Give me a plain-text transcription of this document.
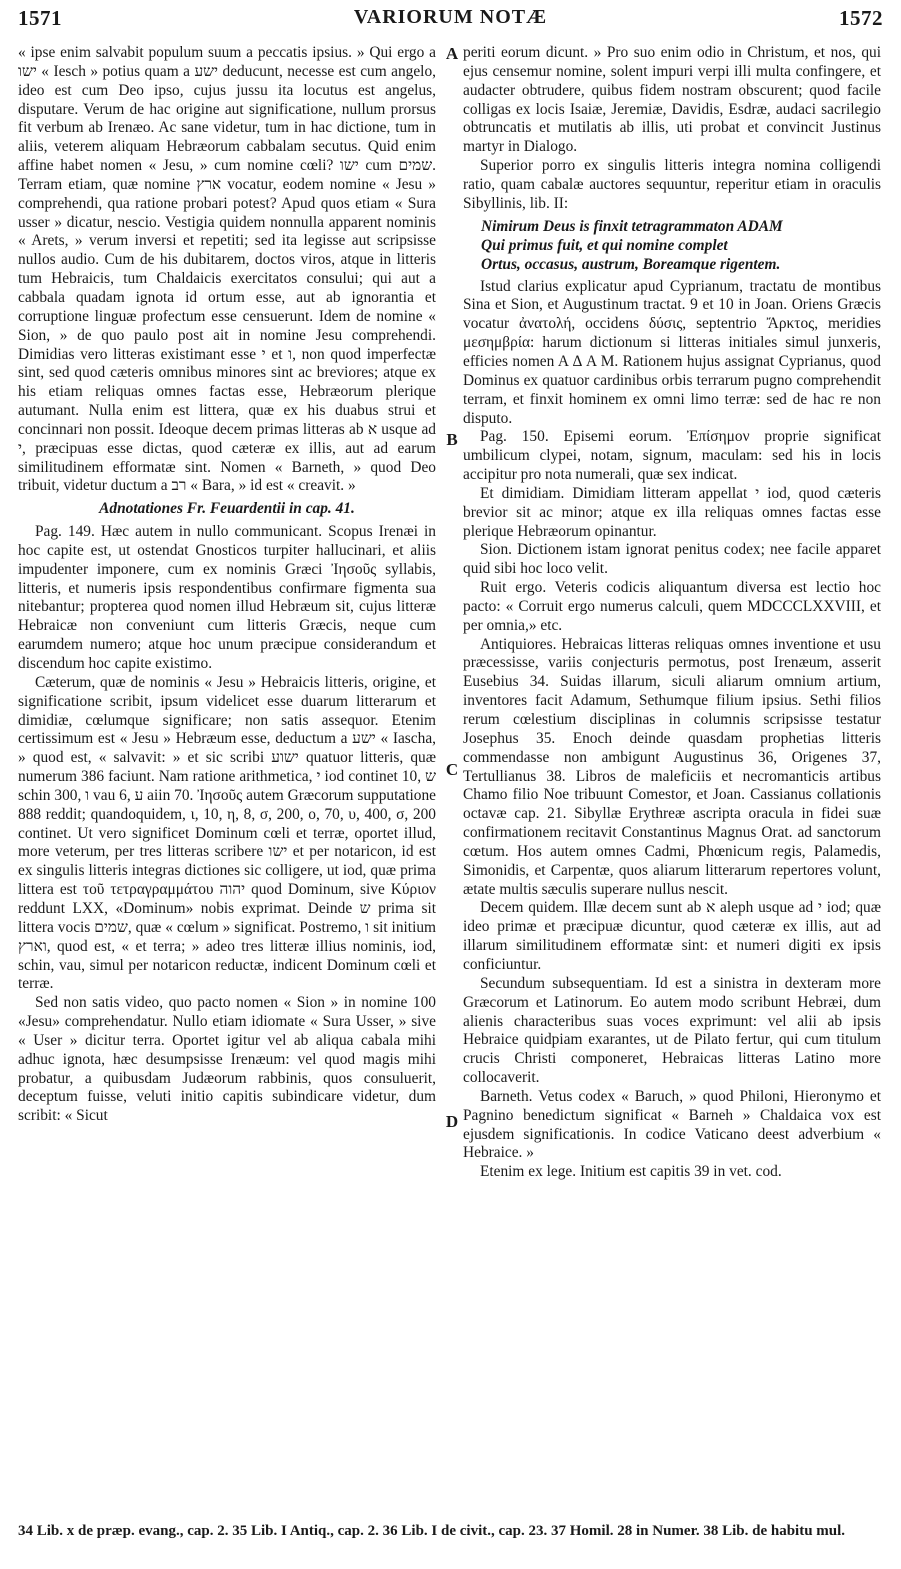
1571	VARIORUM NOTÆ	1572

« ipse enim salvabit populum suum a peccatis ipsius. » Qui ergo a ישו « Iesch » potius quam a ישע deducunt, necesse est cum angelo, ideo est cum Deo ipso, cujus jussu ita locutus est angelus, disputare. Verum de hac origine aut significatione, nullum prorsus fit verbum ab Irenæo. Ac sane videtur, tum in hac dictione, tum in aliis, veterem aliquam Hebræorum cabbalam secutus. Quid enim affine habet nomen « Jesu, » cum nomine cœli? ישו cum שמים. Terram etiam, quæ nomine ארץ vocatur, eodem nomine « Jesu » comprehendi, qua ratione probari potest? Apud quos etiam « Sura usser » dicatur, nescio. Vestigia quidem nonnulla apparent nominis « Arets, » verum inversi et repetiti; sed ita legisse aut scripsisse nullos audio. Cum de his dubitarem, doctos viros, atque in litteris tum Hebraicis, tum Chaldaicis exercitatos consului; qui aut a cabbala quadam ignota id ortum esse, aut ab ignorantia et corruptione linguæ profectum esse censuerunt. Idem de nomine « Sion, » de quo paulo post ait in nomine Jesu comprehendi. Dimidias vero litteras existimant esse י et ו, non quod imperfectæ sint, sed quod cæteris omnibus minores sint ac breviores; atque ex his etiam reliquas omnes factas esse, Hebræorum plerique autumant. Nulla enim est littera, quæ ex his duabus strui et concinnari non possit. Ideoque decem primas litteras ab א usque ad י, præcipuas esse dictas, quod cæteræ ex illis, aut ad earum similitudinem efformatæ sint. Nomen « Barneth, » quod Deo tribuit, videtur ductum a רב « Bara, » id est « creavit. »

Adnotationes Fr. Feuardentii in cap. 41.

Pag. 149. Hæc autem in nullo communicant. Scopus Irenæi in hoc capite est, ut ostendat Gnosticos turpiter hallucinari, et aliis impudenter imponere, cum ex nominis Græci Ἰησοῦς syllabis, litteris, et numeris ipsis respondentibus confirmare figmenta sua nitebantur; propterea quod nomen illud Hebræum sit, cujus litteræ Hebraicæ non conveniunt cum litteris Græcis, neque cum earumdem numero; atque hoc unum præcipue considerandum et discendum hoc capite existimo.

Cæterum, quæ de nominis « Jesu » Hebraicis litteris, origine, et significatione scribit, ipsum videlicet esse duarum litterarum et dimidiæ, cœlumque significare; non satis assequor. Etenim certissimum est « Jesu » Hebræum esse, deductum a ישע « Iascha, » quod est, « salvavit: » et sic scribi ישוע quatuor litteris, quæ numerum 386 faciunt. Nam ratione arithmetica, י iod continet 10, ש schin 300, ו vau 6, ע aiin 70. Ἰησοῦς autem Græcorum supputatione 888 reddit; quandoquidem, ι, 10, η, 8, σ, 200, ο, 70, υ, 400, σ, 200 continet. Ut vero significet Dominum cœli et terræ, oportet illud, more veterum, per tres litteras scribere ישו et per notaricon, id est ex singulis litteris integras dictiones sic colligere, ut iod, quæ prima littera est τοῦ τετραγραμμάτου יהוה quod Dominum, sive Κύριον reddunt LXX, «Dominum» nobis exprimat. Deinde ש prima sit littera vocis שמים, quæ « cœlum » significat. Postremo, ו sit initium וארץ, quod est, « et terra; » adeo tres litteræ illius nominis, iod, schin, vau, simul per notaricon reductæ, indicent Dominum cœli et terræ.

Sed non satis video, quo pacto nomen « Sion » in nomine 100 «Jesu» comprehendatur. Nullo etiam idiomate « Sura Usser, » sive « User » dicitur terra. Oportet igitur vel ab aliqua cabala mihi adhuc ignota, hæc desumpsisse Irenæum: vel quod magis mihi probatur, a quibusdam Judæorum rabbinis, quos consuluerit, deceptum fuisse, veluti initio capitis subindicare videtur, dum scribit: « Sicut

A
B
C
D

periti eorum dicunt. » Pro suo enim odio in Christum, et nos, qui ejus censemur nomine, solent impuri verpi illi multa confingere, et audacter obtrudere, quibus fidem nostram obscurent; quod facile colligas ex locis Isaiæ, Jeremiæ, Davidis, Esdræ, audaci sacrilegio obtruncatis et mutilatis ab illis, uti probat et convincit Justinus martyr in Dialogo.

Superior porro ex singulis litteris integra nomina colligendi ratio, quam cabalæ auctores sequuntur, reperitur etiam in oraculis Sibyllinis, lib. II:

Nimirum Deus is finxit tetragrammaton ADAM
Qui primus fuit, et qui nomine complet
Ortus, occasus, austrum, Boreamque rigentem.

Istud clarius explicatur apud Cyprianum, tractatu de montibus Sina et Sion, et Augustinum tractat. 9 et 10 in Joan. Oriens Græcis vocatur ἀνατολή, occidens δύσις, septentrio Ἄρκτος, meridies μεσημβρία: harum dictionum si litteras initiales simul junxeris, efficies nomen A Δ A M. Rationem hujus assignat Cyprianus, quod Dominus ex quatuor cardinibus orbis terrarum pugno comprehendit terram, et finxit hominem ex omni limo terræ: sed de hac re non disputo.

Pag. 150. Episemi eorum. Ἐπίσημον proprie significat umbilicum clypei, notam, signum, maculam: sed his in locis accipitur pro nota numerali, quæ sex indicat.

Et dimidiam. Dimidiam litteram appellat י iod, quod cæteris brevior sit ac minor; atque ex illa reliquas omnes factas esse plerique Hebræorum opinantur.

Sion. Dictionem istam ignorat penitus codex; nee facile apparet quid sibi hoc loco velit.

Ruit ergo. Veteris codicis aliquantum diversa est lectio hoc pacto: « Corruit ergo numerus calculi, quem MDCCCLXXVIII, et per omnia,» etc.

Antiquiores. Hebraicas litteras reliquas omnes inventione et usu præcessisse, variis conjecturis permotus, post Irenæum, asserit Eusebius 34. Suidas illarum, siculi aliarum omnium artium, inventores facit Adamum, Sethumque filium ipsius. Sethi filios rerum cœlestium disciplinas in columnis scripsisse testatur Josephus 35. Enoch deinde quasdam prophetias litteris commendasse non ambigunt Augustinus 36, Origenes 37, Tertullianus 38. Libros de maleficiis et necromanticis artibus Chamo filio Noe tribuunt Comestor, et Joan. Cassianus collationis octavæ cap. 21. Sibyllæ Erythreæ ascripta oracula in fidei suæ confirmationem recitavit Constantinus Magnus Orat. ad sanctorum cœtum. Hos autem omnes Cadmi, Phœnicum regis, Palamedis, Simonidis, et Carpentæ, quos aliarum litterarum repertores volunt, ætate multis sæculis superare nullus nescit.

Decem quidem. Illæ decem sunt ab א aleph usque ad י iod; quæ ideo primæ et præcipuæ dicuntur, quod cæteræ ex illis, aut ad illarum similitudinem efformatæ sint: et numeri digiti ex ipsis conficiuntur.

Secundum subsequentiam. Id est a sinistra in dexteram more Græcorum et Latinorum. Eo autem modo scribunt Hebræi, dum alienis characteribus suas voces exprimunt: vel alii ab ipsis Hebraice quidpiam exarantes, ut de Pilato fertur, qui cum titulum crucis Christi componeret, Hebraicas litteras Latino more collocaverit.

Barneth. Vetus codex « Baruch, » quod Philoni, Hieronymo et Pagnino benedictum significat « Barneh » Chaldaica vox est ejusdem significationis. In codice Vaticano deest adverbium « Hebraice. »

Etenim ex lege. Initium est capitis 39 in vet. cod.

34 Lib. x de præp. evang., cap. 2. 35 Lib. I Antiq., cap. 2. 36 Lib. I de civit., cap. 23. 37 Homil. 28 in Numer. 38 Lib. de habitu mul.
